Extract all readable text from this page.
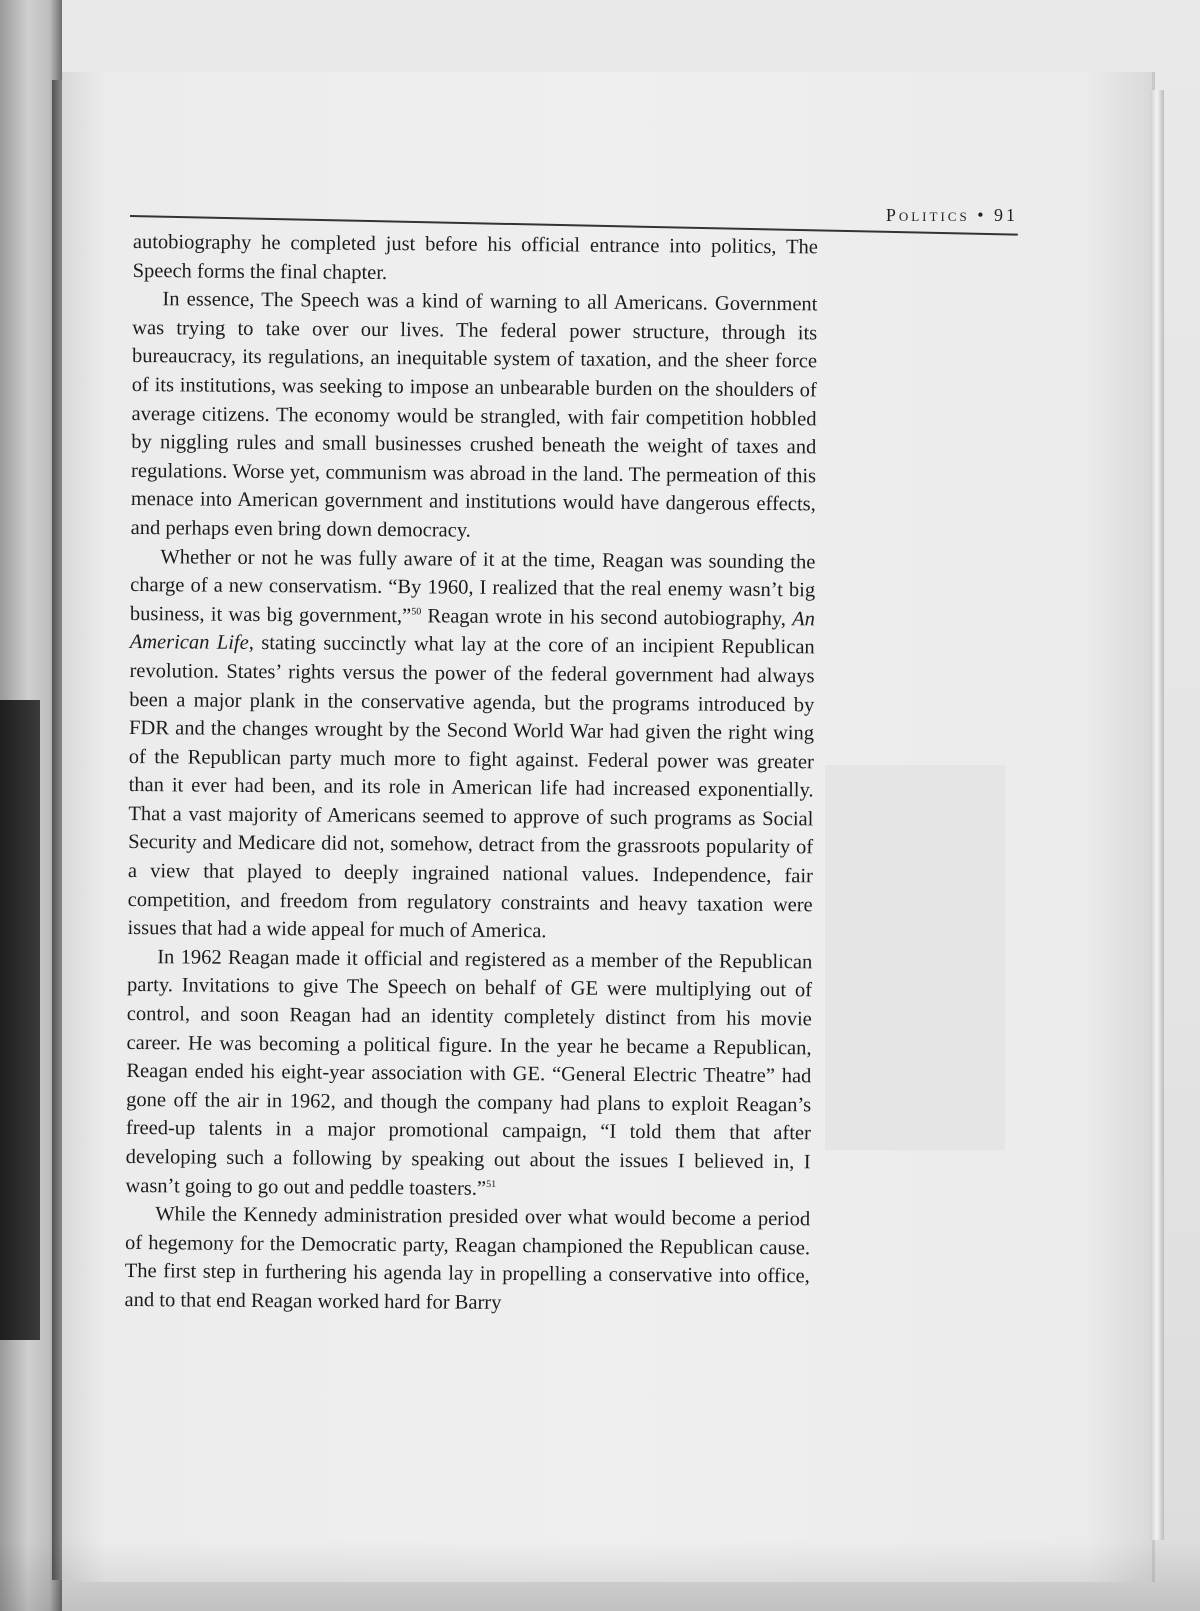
Politics • 91

autobiography he completed just before his official entrance into politics, The Speech forms the final chapter.

In essence, The Speech was a kind of warning to all Americans. Government was trying to take over our lives. The federal power structure, through its bureaucracy, its regulations, an inequitable system of taxation, and the sheer force of its institutions, was seeking to impose an unbearable burden on the shoulders of average citizens. The economy would be strangled, with fair competition hobbled by niggling rules and small businesses crushed beneath the weight of taxes and regulations. Worse yet, communism was abroad in the land. The permeation of this menace into American government and institutions would have dangerous effects, and perhaps even bring down democracy.

Whether or not he was fully aware of it at the time, Reagan was sounding the charge of a new conservatism. “By 1960, I realized that the real enemy wasn’t big business, it was big government,”$^{50}$ Reagan wrote in his second autobiography, An American Life, stating succinctly what lay at the core of an incipient Republican revolution. States’ rights versus the power of the federal government had always been a major plank in the conservative agenda, but the programs introduced by FDR and the changes wrought by the Second World War had given the right wing of the Republican party much more to fight against. Federal power was greater than it ever had been, and its role in American life had increased exponentially. That a vast majority of Americans seemed to approve of such programs as Social Security and Medicare did not, somehow, detract from the grassroots popularity of a view that played to deeply ingrained national values. Independence, fair competition, and freedom from regulatory constraints and heavy taxation were issues that had a wide appeal for much of America.

In 1962 Reagan made it official and registered as a member of the Republican party. Invitations to give The Speech on behalf of GE were multiplying out of control, and soon Reagan had an identity completely distinct from his movie career. He was becoming a political figure. In the year he became a Republican, Reagan ended his eight-year association with GE. “General Electric Theatre” had gone off the air in 1962, and though the company had plans to exploit Reagan’s freed-up talents in a major promotional campaign, “I told them that after developing such a following by speaking out about the issues I believed in, I wasn’t going to go out and peddle toasters.”$^{51}$

While the Kennedy administration presided over what would become a period of hegemony for the Democratic party, Reagan championed the Republican cause. The first step in furthering his agenda lay in propelling a conservative into office, and to that end Reagan worked hard for Barry
